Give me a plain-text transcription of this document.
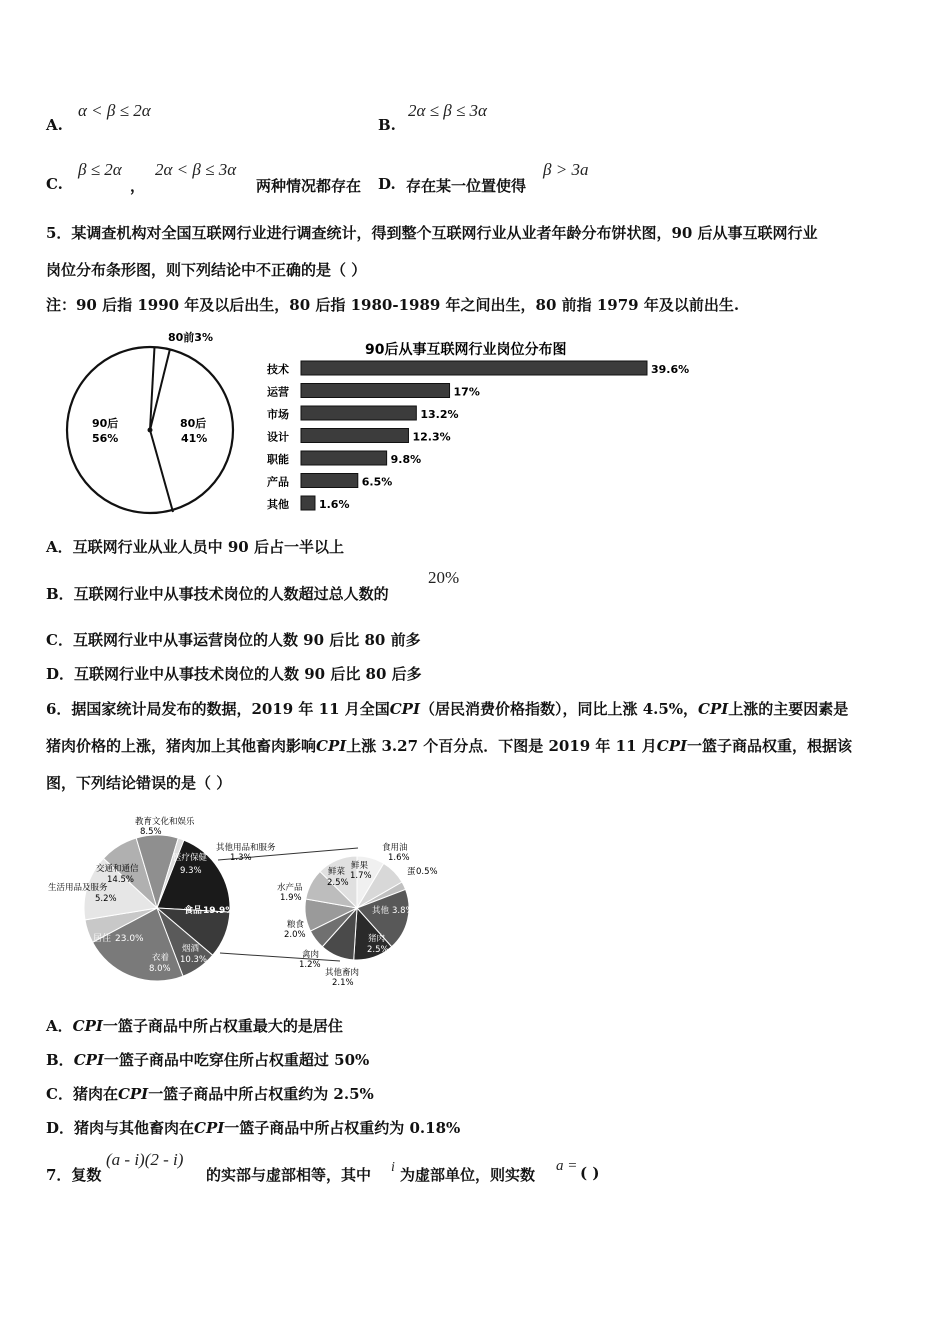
A.
α < β ≤ 2α
B.
2α ≤ β ≤ 3α
C.
β ≤ 2α
，
2α < β ≤ 3α
两种情况都存在 D. 存在某一位置使得
β > 3a
5．某调查机构对全国互联网行业进行调查统计，得到整个互联网行业从业者年龄分布饼状图，90 后从事互联网行业
岗位分布条形图，则下列结论中不正确的是（ ）
注：90 后指 1990 年及以后出生，80 后指 1980-1989 年之间出生，80 前指 1979 年及以前出生.
80前3%
80后
41%
90后
56%
90后从事互联网行业岗位分布图
技术	39.6%
运营	17%
市场	13.2%
设计	12.3%
职能	9.8%
产品	6.5%
其他	1.6%
A．互联网行业从业人员中 90 后占一半以上
B．互联网行业中从事技术岗位的人数超过总人数的
20%
C．互联网行业中从事运营岗位的人数 90 后比 80 前多
D．互联网行业中从事技术岗位的人数 90 后比 80 后多
6．据国家统计局发布的数据，2019 年 11 月全国CPI（居民消费价格指数），同比上涨 4.5%，CPI上涨的主要因素是
猪肉价格的上涨，猪肉加上其他畜肉影响CPI上涨 3.27 个百分点．下图是 2019 年 11 月CPI一篮子商品权重，根据该
图，下列结论错误的是（ ）
教育文化和娱乐
8.5%
其他用品和服务
1.3%
医疗保健
9.3%
交通和通信
14.5%
生活用品及服务
5.2%
食品 19.9%
居住 23.0%
烟酒
10.3%
衣着
8.0%
食用油
1.6%
鲜果
1.7%
鲜菜
2.5%
蛋 0.5%
水产品
1.9%
其他 3.8%
粮食
2.0%	猪肉
2.5%
禽肉
1.2%
其他畜肉
2.1%
A．CPI一篮子商品中所占权重最大的是居住
B．CPI一篮子商品中吃穿住所占权重超过 50%
C．猪肉在CPI一篮子商品中所占权重约为 2.5%
D．猪肉与其他畜肉在CPI一篮子商品中所占权重约为 0.18%
7．复数
(a - i)(2 - i)
的实部与虚部相等，其中 i 为虚部单位，则实数 a = ( )
